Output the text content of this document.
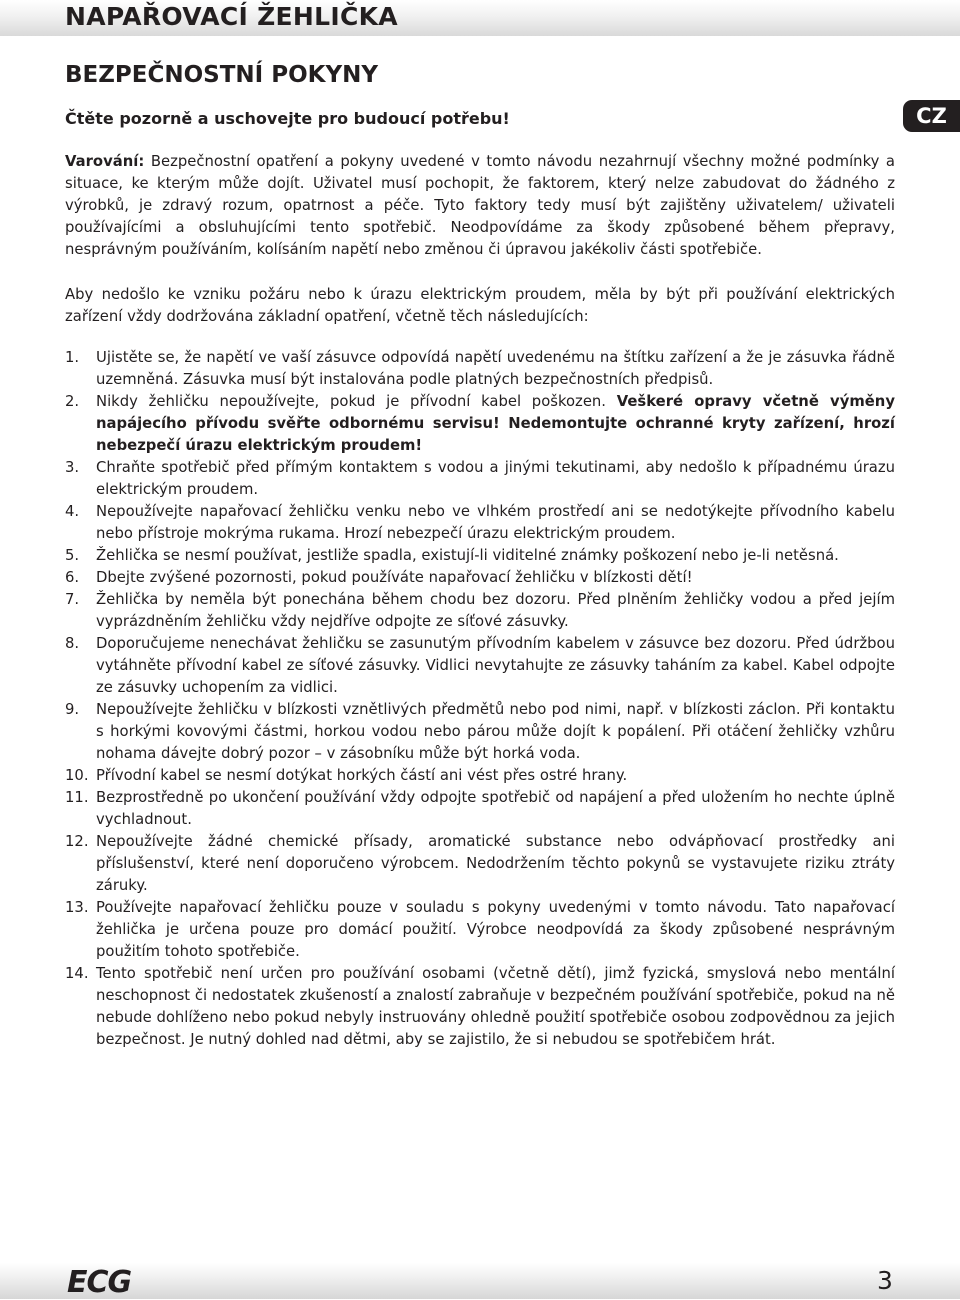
NAPAŘOVACÍ ŽEHLIČKA
BEZPEČNOSTNÍ POKYNY
Čtěte pozorně a uschovejte pro budoucí potřebu!	CZ

Varování: Bezpečnostní opatření a pokyny uvedené v tomto návodu nezahrnují všechny možné podmínky a situace, ke kterým může dojít. Uživatel musí pochopit, že faktorem, který nelze zabudovat do žádného z výrobků, je zdravý rozum, opatrnost a péče. Tyto faktory tedy musí být zajištěny uživatelem/ uživateli používajícími a obsluhujícími tento spotřebič. Neodpovídáme za škody způsobené během přepravy, nesprávným používáním, kolísáním napětí nebo změnou či úpravou jakékoliv části spotřebiče.

Aby nedošlo ke vzniku požáru nebo k úrazu elektrickým proudem, měla by být při používání elektrických zařízení vždy dodržována základní opatření, včetně těch následujících:

1. Ujistěte se, že napětí ve vaší zásuvce odpovídá napětí uvedenému na štítku zařízení a že je zásuvka řádně uzemněná. Zásuvka musí být instalována podle platných bezpečnostních předpisů.
2. Nikdy žehličku nepoužívejte, pokud je přívodní kabel poškozen. Veškeré opravy včetně výměny napájecího přívodu svěřte odbornému servisu! Nedemontujte ochranné kryty zařízení, hrozí nebezpečí úrazu elektrickým proudem!
3. Chraňte spotřebič před přímým kontaktem s vodou a jinými tekutinami, aby nedošlo k případnému úrazu elektrickým proudem.
4. Nepoužívejte napařovací žehličku venku nebo ve vlhkém prostředí ani se nedotýkejte přívodního kabelu nebo přístroje mokrýma rukama. Hrozí nebezpečí úrazu elektrickým proudem.
5. Žehlička se nesmí používat, jestliže spadla, existují-li viditelné známky poškození nebo je-li netěsná.
6. Dbejte zvýšené pozornosti, pokud používáte napařovací žehličku v blízkosti dětí!
7. Žehlička by neměla být ponechána během chodu bez dozoru. Před plněním žehličky vodou a před jejím vyprázdněním žehličku vždy nejdříve odpojte ze síťové zásuvky.
8. Doporučujeme nenechávat žehličku se zasunutým přívodním kabelem v zásuvce bez dozoru. Před údržbou vytáhněte přívodní kabel ze síťové zásuvky. Vidlici nevytahujte ze zásuvky taháním za kabel. Kabel odpojte ze zásuvky uchopením za vidlici.
9. Nepoužívejte žehličku v blízkosti vznětlivých předmětů nebo pod nimi, např. v blízkosti záclon. Při kontaktu s horkými kovovými částmi, horkou vodou nebo párou může dojít k popálení. Při otáčení žehličky vzhůru nohama dávejte dobrý pozor – v zásobníku může být horká voda.
10. Přívodní kabel se nesmí dotýkat horkých částí ani vést přes ostré hrany.
11. Bezprostředně po ukončení používání vždy odpojte spotřebič od napájení a před uložením ho nechte úplně vychladnout.
12. Nepoužívejte žádné chemické přísady, aromatické substance nebo odvápňovací prostředky ani příslušenství, které není doporučeno výrobcem. Nedodržením těchto pokynů se vystavujete riziku ztráty záruky.
13. Používejte napařovací žehličku pouze v souladu s pokyny uvedenými v tomto návodu. Tato napařovací žehlička je určena pouze pro domácí použití. Výrobce neodpovídá za škody způsobené nesprávným použitím tohoto spotřebiče.
14. Tento spotřebič není určen pro používání osobami (včetně dětí), jimž fyzická, smyslová nebo mentální neschopnost či nedostatek zkušeností a znalostí zabraňuje v bezpečném používání spotřebiče, pokud na ně nebude dohlíženo nebo pokud nebyly instruovány ohledně použití spotřebiče osobou zodpovědnou za jejich bezpečnost. Je nutný dohled nad dětmi, aby se zajistilo, že si nebudou se spotřebičem hrát.
ECG	3
